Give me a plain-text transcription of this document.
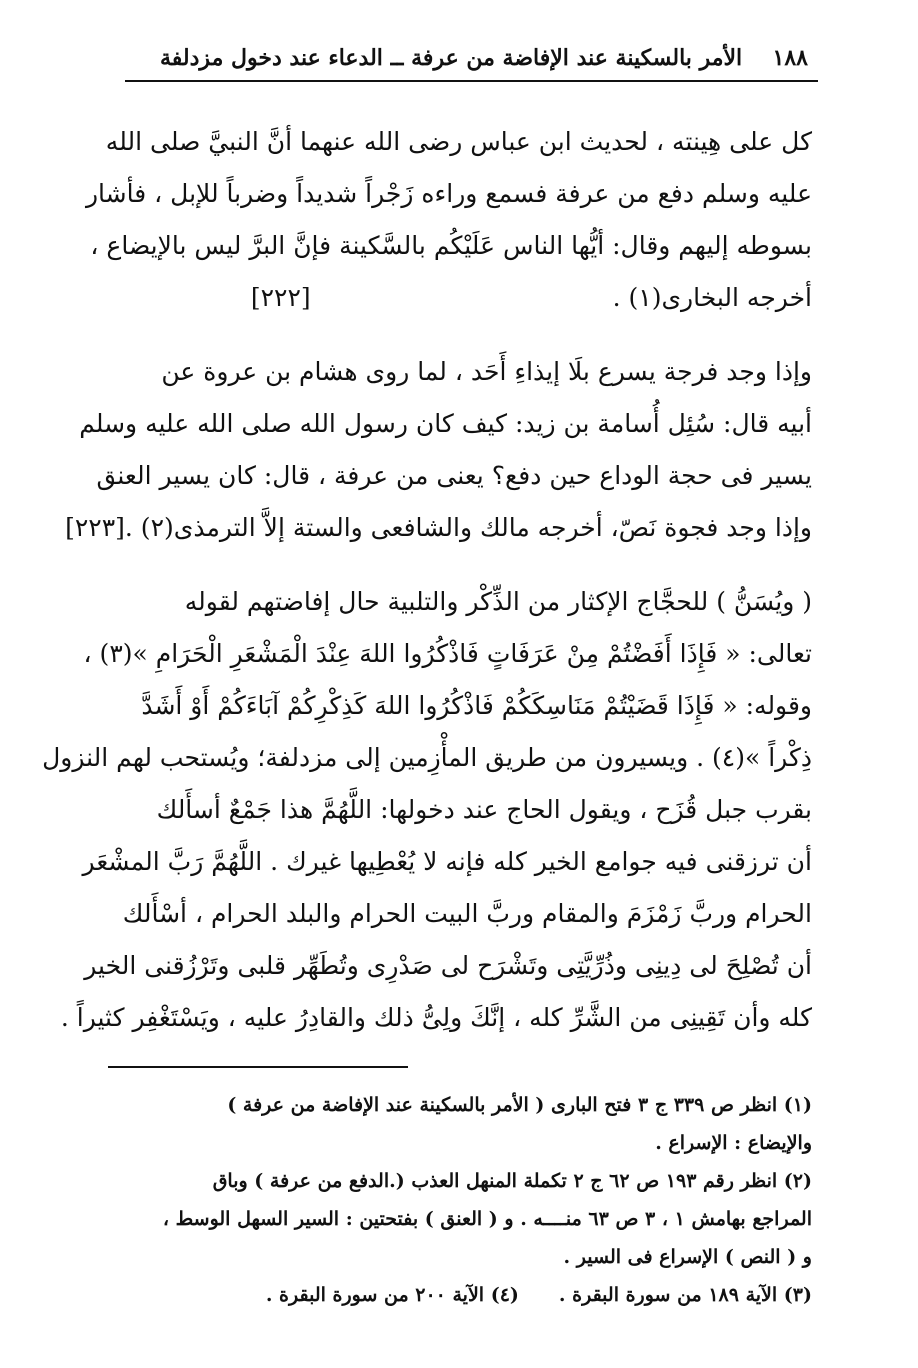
١٨٨
الأمر بالسكينة عند الإفاضة من عرفة ــ الدعاء عند دخول مزدلفة
كل على هِينته ، لحديث ابن عباس رضى الله عنهما أنَّ النبيَّ صلى الله
عليه وسلم دفع من عرفة فسمع وراءه زَجْراً شديداً وضرباً للإبل ، فأشار
بسوطه إليهم وقال: أيُّها الناس عَلَيْكُم بالسَّكينة فإنَّ البرَّ ليس بالإيضاع ،
أخرجه البخارى(١) .                                      [٢٢٢]
وإذا وجد فرجة يسرع بلَا إيذاءِ أَحَد ، لما روى هشام بن عروة عن
أبيه قال: سُئِل أُسامة بن زيد: كيف كان رسول الله صلى الله عليه وسلم
يسير فى حجة الوداع حين دفع؟ يعنى من عرفة ، قال: كان يسير العنق
وإذا وجد فجوة نَصّ، أخرجه مالك والشافعى والستة إلاَّ الترمذى(٢) .[٢٢٣]
( ويُسَنُّ ) للحجَّاج الإكثار من الذِّكْر والتلبية حال إفاضتهم لقوله
تعالى: « فَإِذَا أَفَضْتُمْ مِنْ عَرَفَاتٍ فَاذْكُرُوا اللهَ عِنْدَ الْمَشْعَرِ الْحَرَامِ »(٣) ،
وقوله: « فَإِذَا قَضَيْتُمْ مَنَاسِكَكُمْ فَاذْكُرُوا اللهَ كَذِكْرِكُمْ آبَاءَكُمْ أَوْ أَشَدَّ
ذِكْراً »(٤) . ويسيرون من طريق المأْزِمين إلى مزدلفة؛ ويُستحب لهم النزول
بقرب جبل قُزَح ، ويقول الحاج عند دخولها: اللَّهُمَّ هذا جَمْعٌ أسأَلك
أن ترزقنى فيه جوامع الخير كله فإنه لا يُعْطِيها غيرك . اللَّهُمَّ رَبَّ المشْعَر
الحرام وربَّ زَمْزَمَ والمقام وربَّ البيت الحرام والبلد الحرام ، أسْأَلك
أن تُصْلِحَ لى دِينِى وذُرِّيَّتِى وتَشْرَح لى صَدْرِى وتُطَهِّر قلبى وتَرْزُقنى الخير
كله وأن تَقِينِى من الشَّرِّ كله ، إنَّكَ ولِىُّ ذلك والقادِرُ عليه ، ويَسْتَغْفِر كثيراً .
(١) انظر ص ٣٣٩ ج ٣ فتح البارى ( الأمر بالسكينة عند الإفاضة من عرفة )
والإيضاع : الإسراع .
(٢) انظر رقم ١٩٣ ص ٦٢ ج ٢ تكملة المنهل العذب (.الدفع من عرفة ) وباق
المراجع بهامش ١ ، ٣ ص ٦٣ منــــه . و ( العنق ) بفتحتين : السير السهل الوسط ،
و ( النص ) الإسراع فى السير .
(٣) الآية ١٨٩ من سورة البقرة .
(٤) الآية ٢٠٠ من سورة البقرة .
